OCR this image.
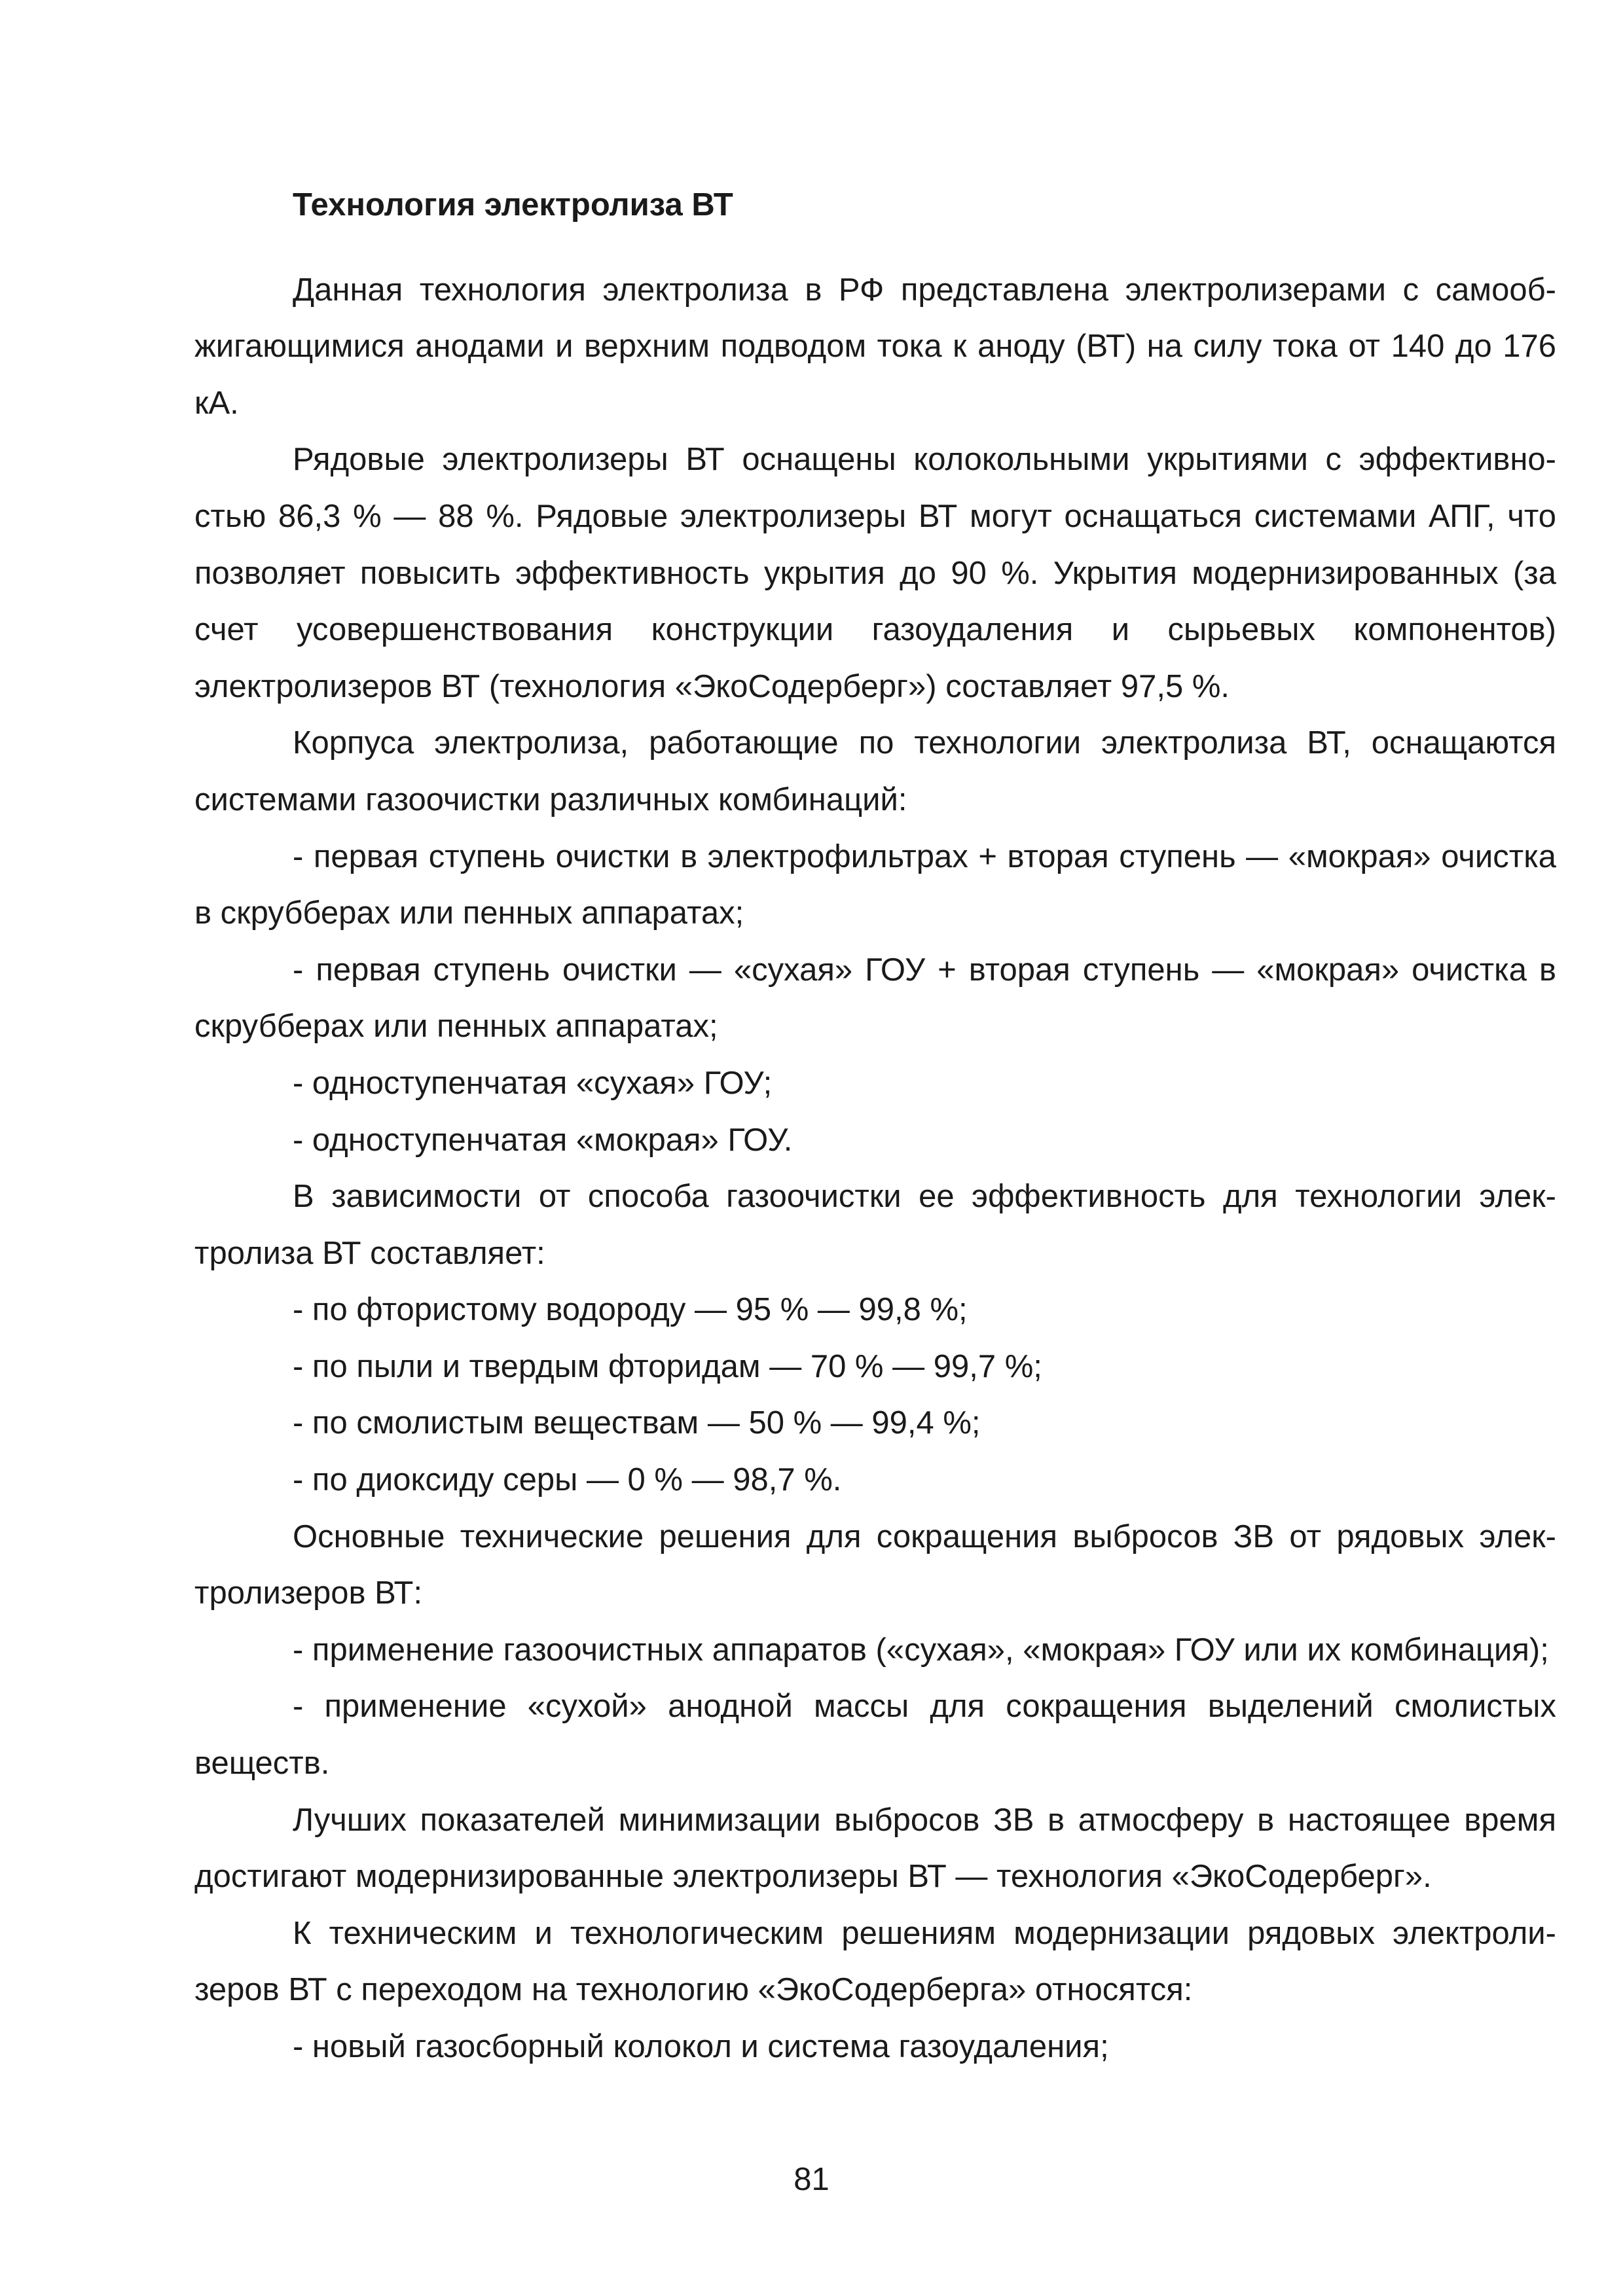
Технология электролиза ВТ

Данная технология электролиза в РФ представлена электролизерами с самообжигающимися анодами и верхним подводом тока к аноду (ВТ) на силу тока от 140 до 176 кА.

Рядовые электролизеры ВТ оснащены колокольными укрытиями с эффективностью 86,3 % — 88 %. Рядовые электролизеры ВТ могут оснащаться системами АПГ, что позволяет повысить эффективность укрытия до 90 %. Укрытия модернизированных (за счет усовершенствования конструкции газоудаления и сырьевых компонентов) электролизеров ВТ (технология «ЭкоСодерберг») составляет 97,5 %.

Корпуса электролиза, работающие по технологии электролиза ВТ, оснащаются системами газоочистки различных комбинаций:

- первая ступень очистки в электрофильтрах + вторая ступень — «мокрая» очистка в скрубберах или пенных аппаратах;

- первая ступень очистки — «сухая» ГОУ + вторая ступень — «мокрая» очистка в скрубберах или пенных аппаратах;

- одноступенчатая «сухая» ГОУ;

- одноступенчатая «мокрая» ГОУ.

В зависимости от способа газоочистки ее эффективность для технологии электролиза ВТ составляет:

- по фтористому водороду — 95 % — 99,8 %;

- по пыли и твердым фторидам — 70 % — 99,7 %;

- по смолистым веществам — 50 % — 99,4 %;

- по диоксиду серы — 0 % — 98,7 %.

Основные технические решения для сокращения выбросов ЗВ от рядовых электролизеров ВТ:

- применение газоочистных аппаратов («сухая», «мокрая» ГОУ или их комбинация);

- применение «сухой» анодной массы для сокращения выделений смолистых веществ.

Лучших показателей минимизации выбросов ЗВ в атмосферу в настоящее время достигают модернизированные электролизеры ВТ — технология «ЭкоСодерберг».

К техническим и технологическим решениям модернизации рядовых электролизеров ВТ с переходом на технологию «ЭкоСодерберга» относятся:

- новый газосборный колокол и система газоудаления;

81
